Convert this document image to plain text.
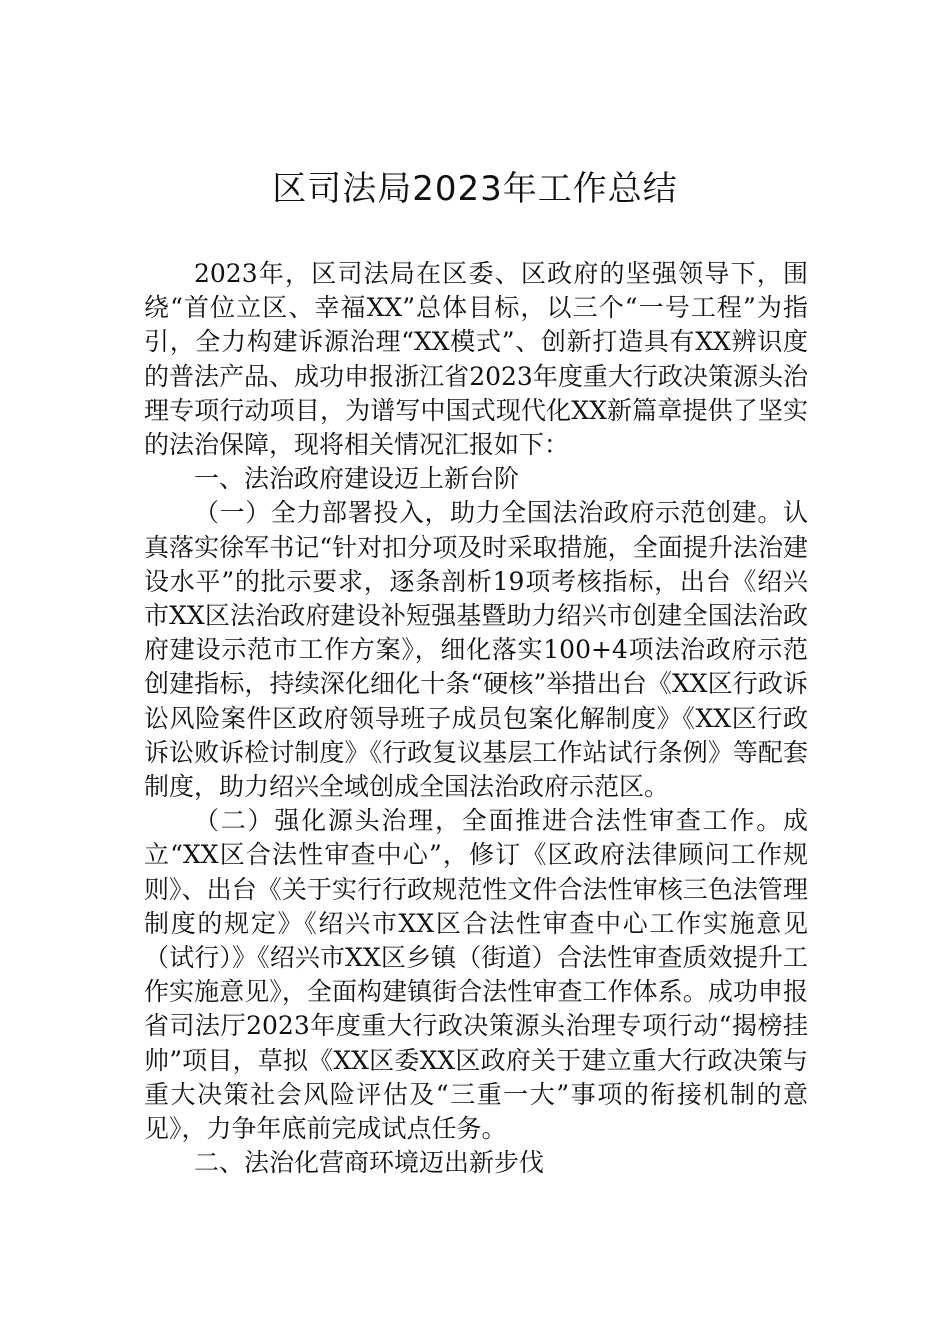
区司法局2023年工作总结

2023年，区司法局在区委、区政府的坚强领导下，围绕“首位立区、幸福XX”总体目标，以三个“一号工程”为指引，全力构建诉源治理“XX模式”、创新打造具有XX辨识度的普法产品、成功申报浙江省2023年度重大行政决策源头治理专项行动项目，为谱写中国式现代化XX新篇章提供了坚实的法治保障，现将相关情况汇报如下：

一、法治政府建设迈上新台阶

（一）全力部署投入，助力全国法治政府示范创建。认真落实徐军书记“针对扣分项及时采取措施，全面提升法治建设水平”的批示要求，逐条剖析19项考核指标，出台《绍兴市XX区法治政府建设补短强基暨助力绍兴市创建全国法治政府建设示范市工作方案》，细化落实100+4项法治政府示范创建指标，持续深化细化十条“硬核”举措出台《XX区行政诉讼风险案件区政府领导班子成员包案化解制度》《XX区行政诉讼败诉检讨制度》《行政复议基层工作站试行条例》等配套制度，助力绍兴全域创成全国法治政府示范区。

（二）强化源头治理，全面推进合法性审查工作。成立“XX区合法性审查中心”，修订《区政府法律顾问工作规则》、出台《关于实行行政规范性文件合法性审核三色法管理制度的规定》《绍兴市XX区合法性审查中心工作实施意见（试行）》《绍兴市XX区乡镇（街道）合法性审查质效提升工作实施意见》，全面构建镇街合法性审查工作体系。成功申报省司法厅2023年度重大行政决策源头治理专项行动“揭榜挂帅”项目，草拟《XX区委XX区政府关于建立重大行政决策与重大决策社会风险评估及“三重一大”事项的衔接机制的意见》，力争年底前完成试点任务。

二、法治化营商环境迈出新步伐
